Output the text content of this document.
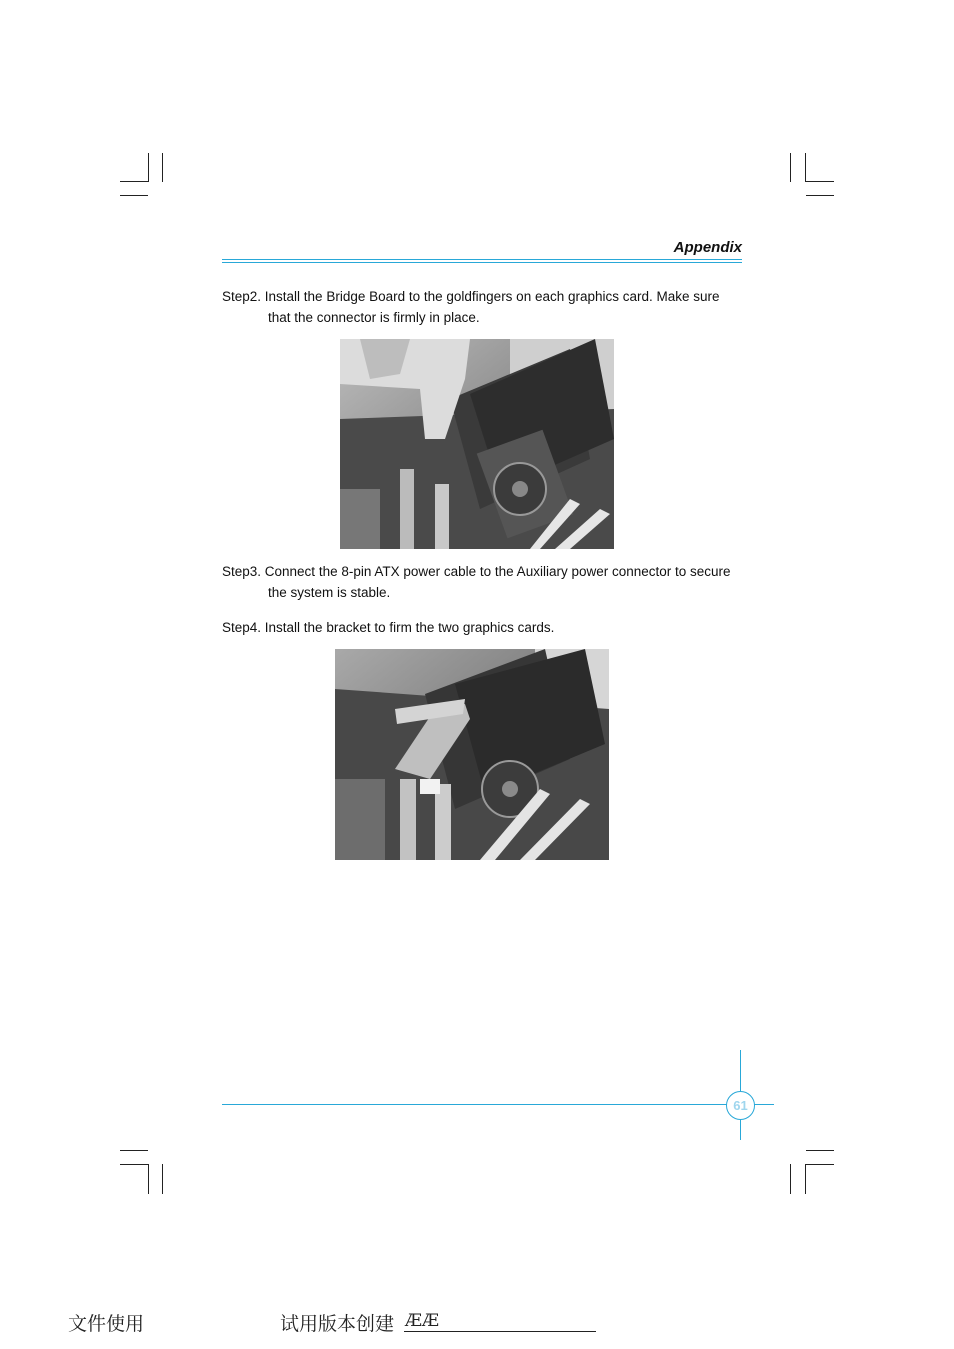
Appendix
Step2. Install the Bridge Board to the goldfingers on each graphics card. Make sure
that the connector is firmly in place.
Step3. Connect the 8-pin ATX power cable to the Auxiliary power connector to secure
the system is stable.
Step4. Install the bracket to firm the two graphics cards.
61
文件使用	试用版本创建 ÆÆ
